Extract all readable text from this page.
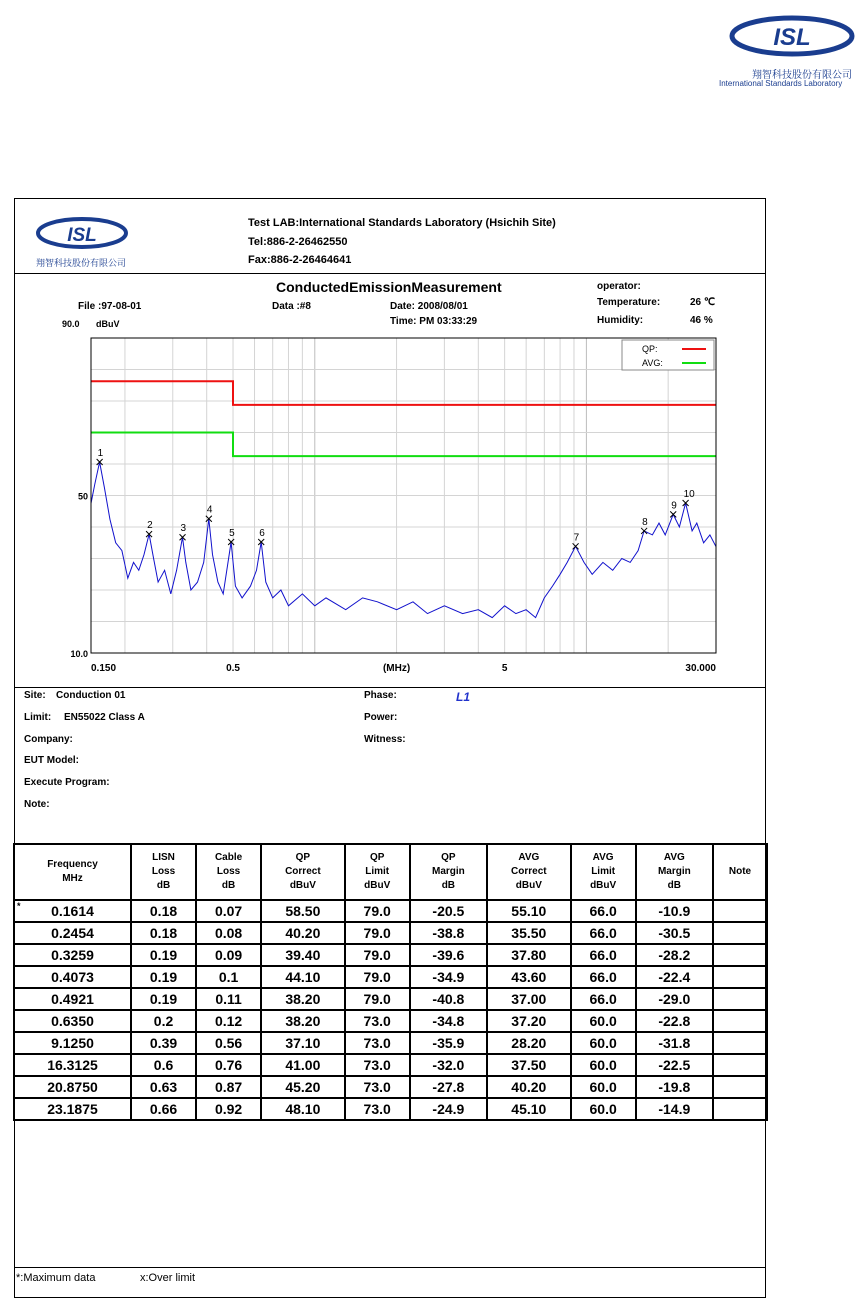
ISL
翔智科技股份有限公司
International Standards Laboratory
ISL
翔智科技股份有限公司
Test LAB:International Standards Laboratory (Hsichih Site)
Tel:886-2-26462550
Fax:886-2-26464641
ConductedEmissionMeasurement	operator:
Temperature:	26 ℃
File :97-08-01	Data :#8	Date: 2008/08/01
Humidity:	46 %
Time: PM 03:33:29
90.0 dBuV
1
2	3
4
5 6	7
8
9
10
QP:
AVG:
0.150	0.5	(MHz)	5	30.000
50
10.0
Site: Conduction 01	Phase:	L1
Limit: EN55022 Class A	Power:
Company:	Witness:
EUT Model:
Execute Program:
Note:
Frequency
MHz	LISN
Loss
dB	Cable
Loss
dB	QP
Correct
dBuV	QP
Limit
dBuV	QP
Margin
dB	AVG
Correct
dBuV	AVG
Limit
dBuV	AVG
Margin
dB	Note

* 0.1614	0.18	0.07	58.50	79.0	-20.5	55.10	66.0	-10.9	
0.2454	0.18	0.08	40.20	79.0	-38.8	35.50	66.0	-30.5	
0.3259	0.19	0.09	39.40	79.0	-39.6	37.80	66.0	-28.2	
0.4073	0.19	0.1	44.10	79.0	-34.9	43.60	66.0	-22.4	
0.4921	0.19	0.11	38.20	79.0	-40.8	37.00	66.0	-29.0	
0.6350	0.2	0.12	38.20	73.0	-34.8	37.20	60.0	-22.8	
9.1250	0.39	0.56	37.10	73.0	-35.9	28.20	60.0	-31.8	
16.3125	0.6	0.76	41.00	73.0	-32.0	37.50	60.0	-22.5	
20.8750	0.63	0.87	45.20	73.0	-27.8	40.20	60.0	-19.8	
23.1875	0.66	0.92	48.10	73.0	-24.9	45.10	60.0	-14.9	
*:Maximum data	x:Over limit
